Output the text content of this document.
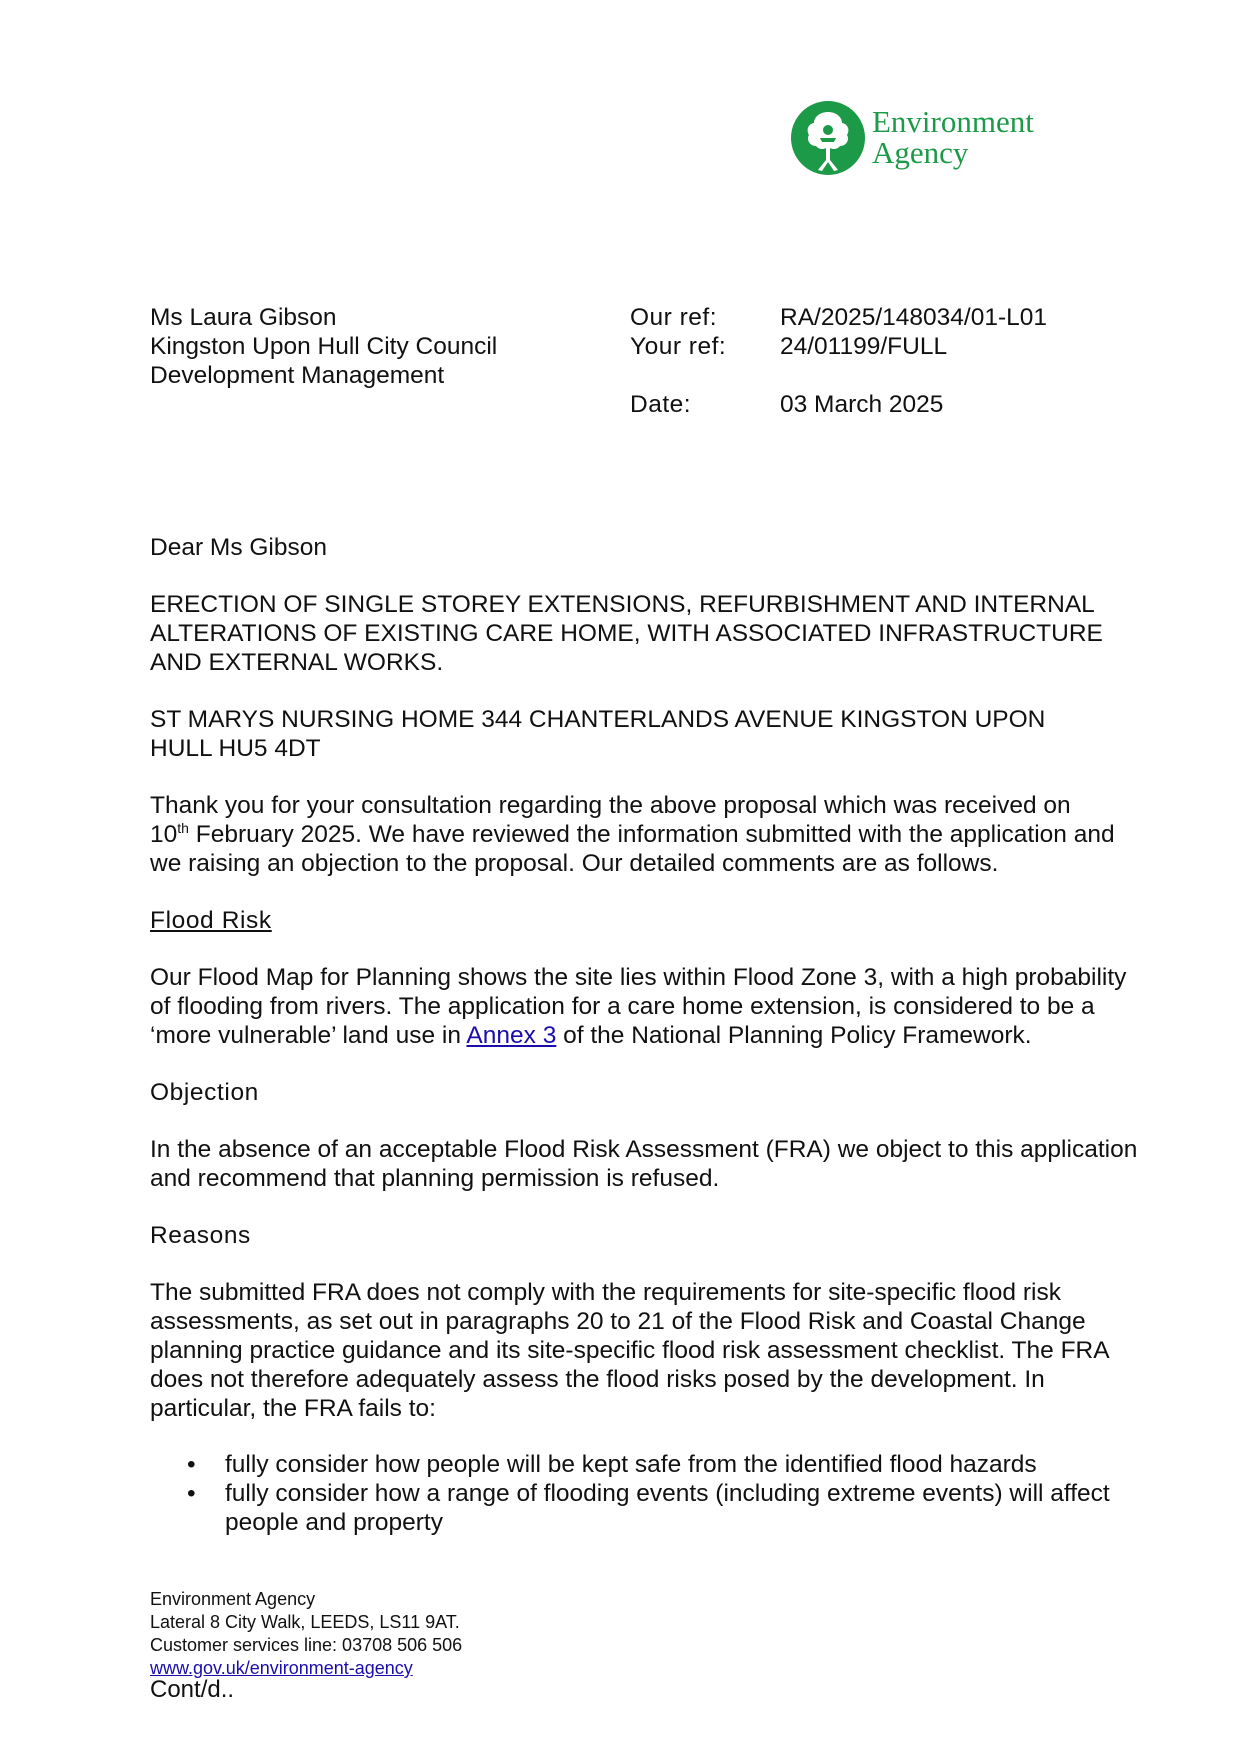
Environment
Agency
Ms Laura Gibson
Kingston Upon Hull City Council
Development Management
Our ref:	RA/2025/148034/01-L01
Your ref:	24/01199/FULL
Date:	03 March 2025

Dear Ms Gibson

ERECTION OF SINGLE STOREY EXTENSIONS, REFURBISHMENT AND INTERNAL ALTERATIONS OF EXISTING CARE HOME, WITH ASSOCIATED INFRASTRUCTURE AND EXTERNAL WORKS.

ST MARYS NURSING HOME 344 CHANTERLANDS AVENUE KINGSTON UPON
HULL HU5 4DT

Thank you for your consultation regarding the above proposal which was received on
10th February 2025. We have reviewed the information submitted with the application and we raising an objection to the proposal. Our detailed comments are as follows.

Flood Risk

Our Flood Map for Planning shows the site lies within Flood Zone 3, with a high probability of flooding from rivers. The application for a care home extension, is considered to be a ‘more vulnerable’ land use in Annex 3 of the National Planning Policy Framework.

Objection

In the absence of an acceptable Flood Risk Assessment (FRA) we object to this application and recommend that planning permission is refused.

Reasons

The submitted FRA does not comply with the requirements for site-specific flood risk assessments, as set out in paragraphs 20 to 21 of the Flood Risk and Coastal Change planning practice guidance and its site-specific flood risk assessment checklist. The FRA does not therefore adequately assess the flood risks posed by the development. In particular, the FRA fails to:

• fully consider how people will be kept safe from the identified flood hazards
• fully consider how a range of flooding events (including extreme events) will affect people and property
Environment Agency
Lateral 8 City Walk, LEEDS, LS11 9AT.
Customer services line: 03708 506 506
www.gov.uk/environment-agency
Cont/d..
